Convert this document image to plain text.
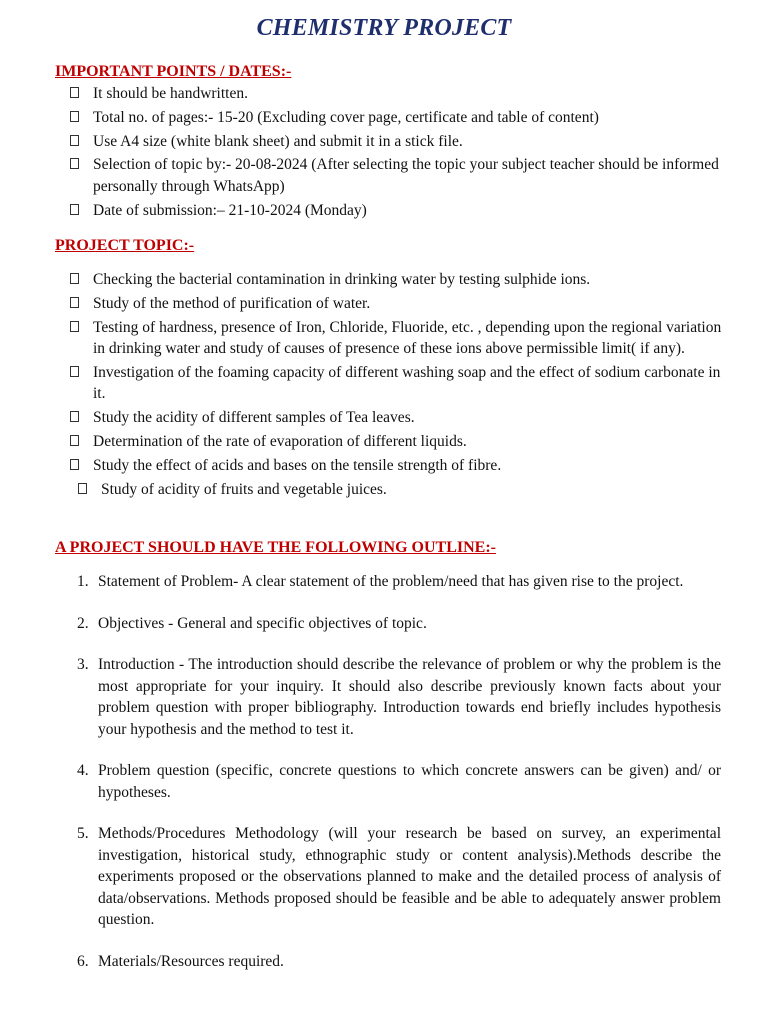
CHEMISTRY PROJECT
IMPORTANT POINTS / DATES:-
It should be handwritten.
Total no. of pages:- 15-20 (Excluding cover page, certificate and table of content)
Use A4 size (white blank sheet) and submit it in a stick file.
Selection of topic by:- 20-08-2024 (After selecting the topic your subject teacher should be informed personally through WhatsApp)
Date of submission:– 21-10-2024 (Monday)
PROJECT TOPIC:-
Checking the bacterial contamination in drinking water by testing sulphide ions.
Study of the method of purification of water.
Testing of hardness, presence of Iron, Chloride, Fluoride, etc. , depending upon the regional variation in drinking water and study of causes of presence of these ions above permissible limit( if any).
Investigation of the foaming capacity of different washing soap and the effect of sodium carbonate in it.
Study the acidity of different samples of Tea leaves.
Determination of the rate of evaporation of different liquids.
Study the effect of acids and bases on the tensile strength of fibre.
Study of acidity of fruits and vegetable juices.
A PROJECT SHOULD HAVE THE FOLLOWING OUTLINE:-
1. Statement of Problem- A clear statement of the problem/need that has given rise to the project.
2. Objectives - General and specific objectives of topic.
3. Introduction - The introduction should describe the relevance of problem or why the problem is the most appropriate for your inquiry. It should also describe previously known facts about your problem question with proper bibliography. Introduction towards end briefly includes hypothesis your hypothesis and the method to test it.
4. Problem question (specific, concrete questions to which concrete answers can be given) and/ or hypotheses.
5. Methods/Procedures Methodology (will your research be based on survey, an experimental investigation, historical study, ethnographic study or content analysis).Methods describe the experiments proposed or the observations planned to make and the detailed process of analysis of data/observations. Methods proposed should be feasible and be able to adequately answer problem question.
6. Materials/Resources required.
